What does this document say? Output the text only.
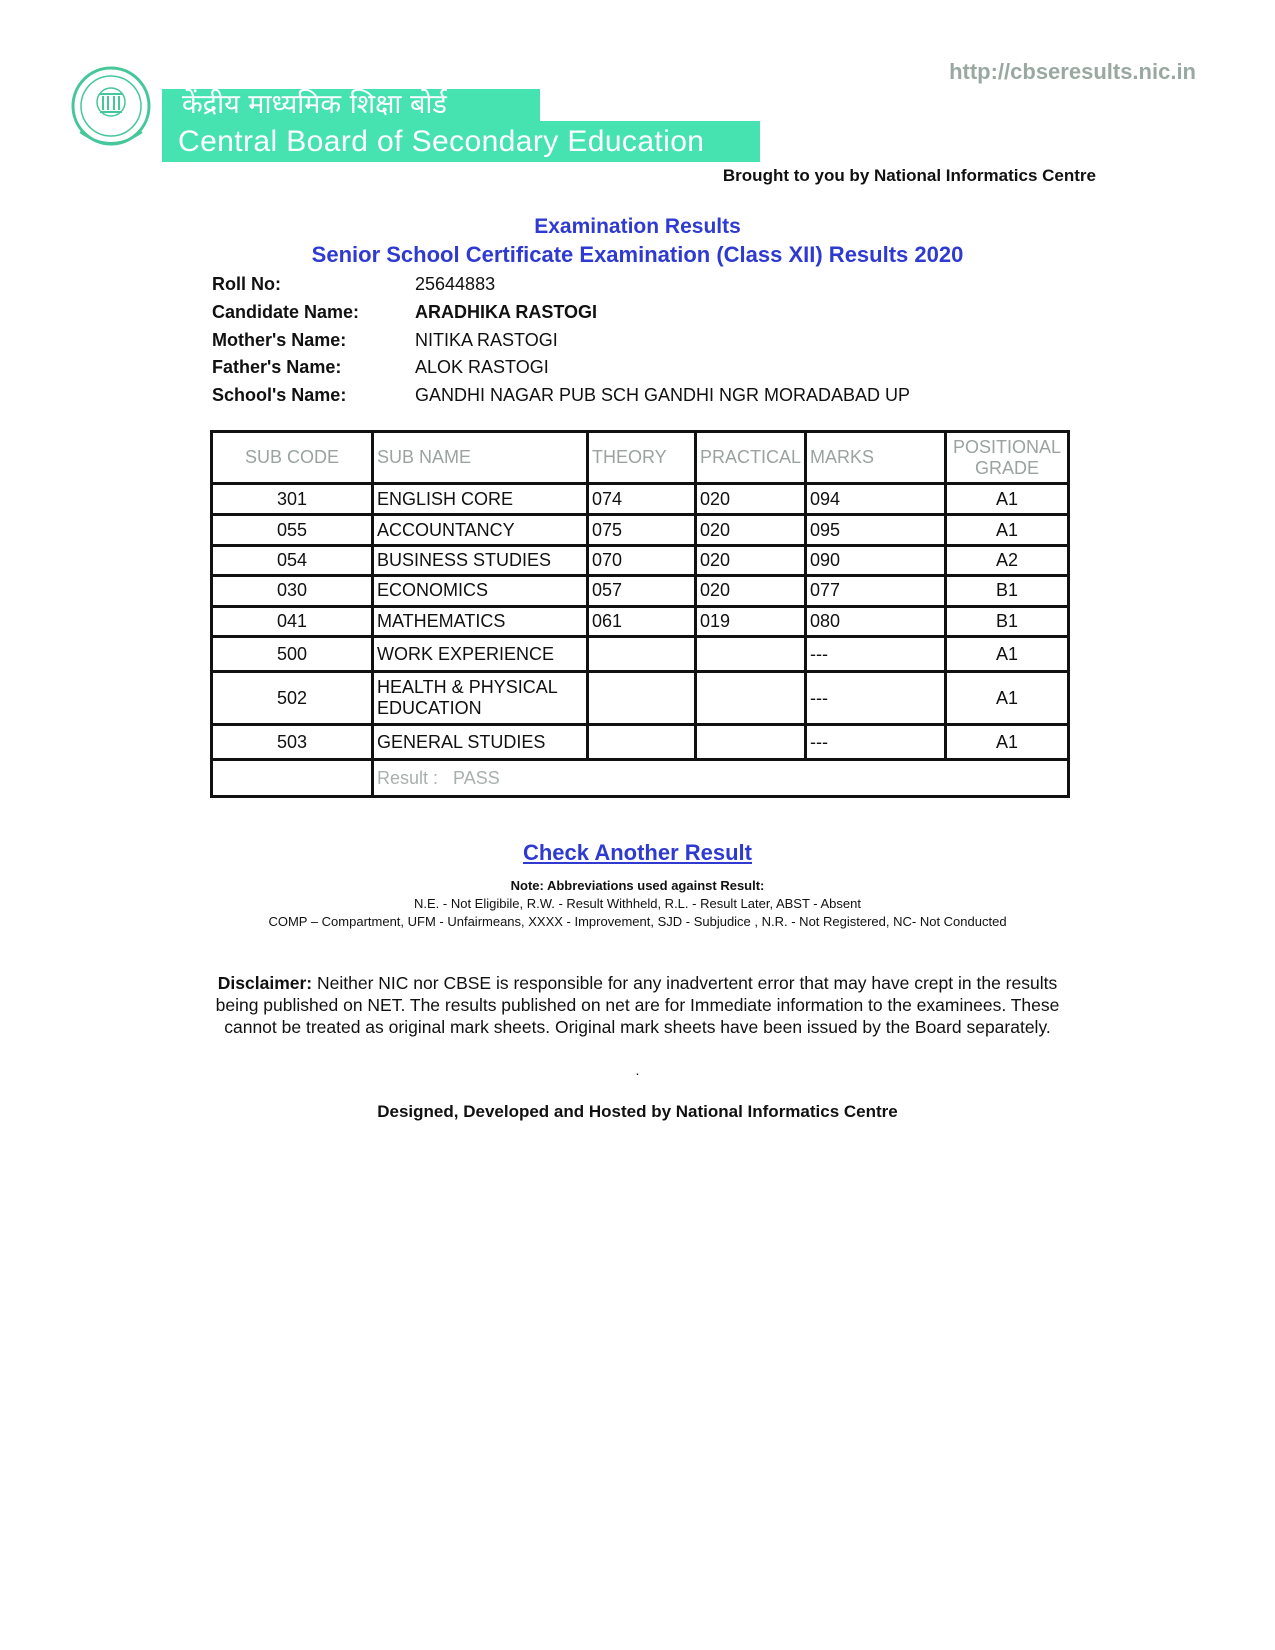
केंद्रीय माध्यमिक शिक्षा बोर्ड
Central Board of Secondary Education
http://cbseresults.nic.in
Brought to you by National Informatics Centre
Examination Results
Senior School Certificate Examination (Class XII) Results 2020
Roll No:	25644883
Candidate Name:	ARADHIKA RASTOGI
Mother's Name:	NITIKA RASTOGI
Father's Name:	ALOK RASTOGI
School's Name:	GANDHI NAGAR PUB SCH GANDHI NGR MORADABAD UP
SUB CODE	SUB NAME	THEORY	PRACTICAL	MARKS	POSITIONAL
GRADE
301	ENGLISH CORE	074	020	094	A1
055	ACCOUNTANCY	075	020	095	A1
054	BUSINESS STUDIES	070	020	090	A2
030	ECONOMICS	057	020	077	B1
041	MATHEMATICS	061	019	080	B1
500	WORK EXPERIENCE			---	A1
502	HEALTH & PHYSICAL EDUCATION			---	A1
503	GENERAL STUDIES			---	A1
	Result : PASS				
Check Another Result
Note: Abbreviations used against Result:
N.E. - Not Eligibile, R.W. - Result Withheld, R.L. - Result Later, ABST - Absent
COMP – Compartment, UFM - Unfairmeans, XXXX - Improvement, SJD - Subjudice , N.R. - Not Registered, NC- Not Conducted
Disclaimer: Neither NIC nor CBSE is responsible for any inadvertent error that may have crept in the results being published on NET. The results published on net are for Immediate information to the examinees. These cannot be treated as original mark sheets. Original mark sheets have been issued by the Board separately.
.
Designed, Developed and Hosted by National Informatics Centre
